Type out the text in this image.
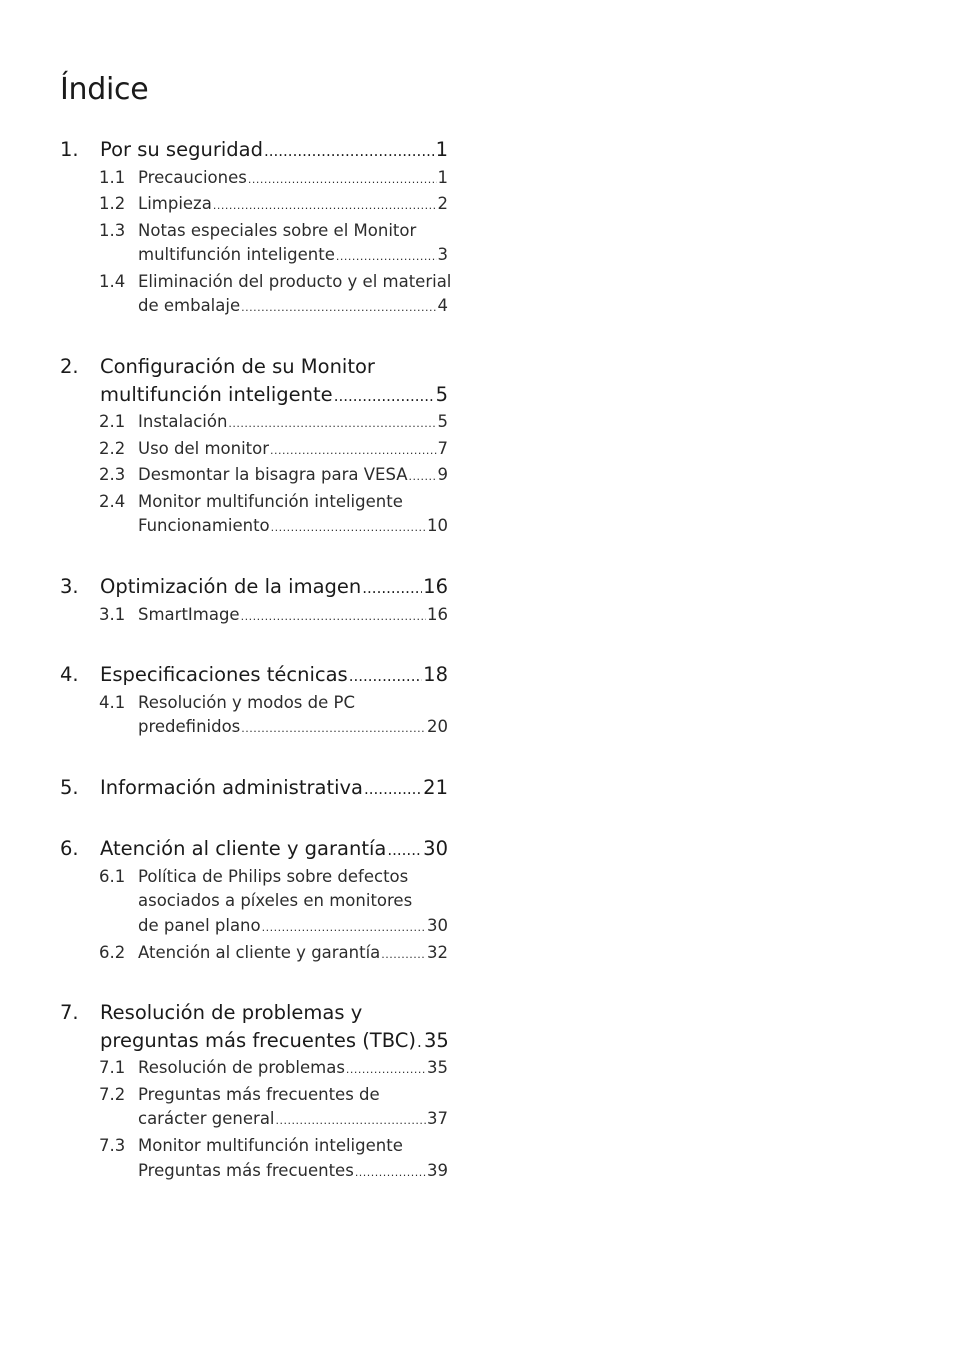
Índice
1. Por su seguridad .....	1
1.1 Precauciones .....	1
1.2 Limpieza .....	2
1.3 Notas especiales sobre el Monitor
multifunción inteligente .....	3
1.4 Eliminación del producto y el material
de embalaje .....	4
2. Configuración de su Monitor
multifunción inteligente .....	5
2.1 Instalación .....	5
2.2 Uso del monitor .....	7
2.3 Desmontar la bisagra para VESA ..... 9
2.4 Monitor multifunción inteligente
Funcionamiento .....	10
3. Optimización de la imagen .....	16
3.1 SmartImage .....	16
4. Especificaciones técnicas .....	18
4.1 Resolución y modos de PC
predefinidos .....	20
5. Información administrativa .....	21
6. Atención al cliente y garantía ..... 30
6.1 Política de Philips sobre defectos
asociados a píxeles en monitores
de panel plano .....	30
6.2 Atención al cliente y garantía .....	32
7. Resolución de problemas y
preguntas más frecuentes (TBC) ..... 35
7.1 Resolución de problemas .....	35
7.2 Preguntas más frecuentes de
carácter general .....	37
7.3 Monitor multifunción inteligente
Preguntas más frecuentes .....	39
